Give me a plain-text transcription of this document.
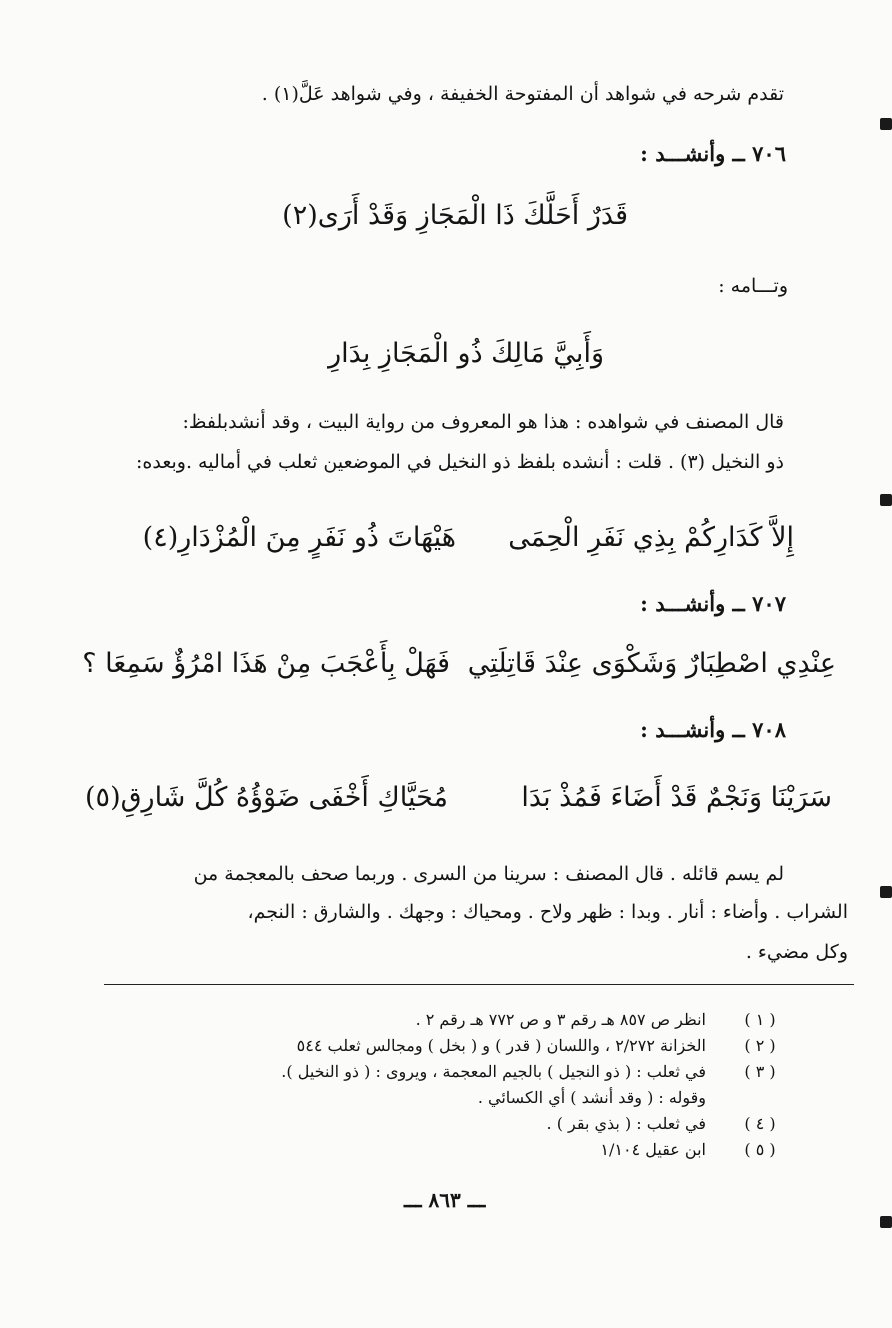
تقدم شرحه في شواهد أن المفتوحة الخفيفة ، وفي شواهد عَلَّ(١) .
٧٠٦ ــ وأنشـــد :
قَدَرٌ أَحَلَّكَ ذَا الْمَجَازِ وَقَدْ أَرَى(٢)
وتـــامه :
وَأَبِيَّ مَالِكَ ذُو الْمَجَازِ بِدَارِ
قال المصنف في شواهده : هذا هو المعروف من رواية البيت ، وقد أنشدبلفظ:
ذو النخيل (٣) . قلت : أنشده بلفظ ذو النخيل في الموضعين ثعلب في أماليه .وبعده:
إِلاَّ كَدَارِكُمْ بِذِي نَفَرِ الْحِمَى
هَيْهَاتَ ذُو نَفَرٍ مِنَ الْمُزْدَارِ(٤)
٧٠٧ ــ وأنشـــد :
عِنْدِي اصْطِبَارٌ وَشَكْوَى عِنْدَ قَاتِلَتِي
فَهَلْ بِأَعْجَبَ مِنْ هَذَا امْرُؤٌ سَمِعَا ؟
٧٠٨ ــ وأنشـــد :
سَرَيْنَا وَنَجْمٌ قَدْ أَضَاءَ فَمُذْ بَدَا
مُحَيَّاكِ أَخْفَى ضَوْؤُهُ كُلَّ شَارِقِ(٥)
لم يسم قائله . قال المصنف : سرينا من السرى . وربما صحف بالمعجمة من
الشراب . وأضاء : أنار . وبدا : ظهر ولاح . ومحياك : وجهك . والشارق : النجم،
وكل مضيء .
( ١ )
انظر ص ٨٥٧ هـ رقم ٣ و ص ٧٧٢ هـ رقم ٢ .
( ٢ )
الخزانة ٢/٢٧٢ ، واللسان ( قدر ) و ( بخل ) ومجالس ثعلب ٥٤٤
( ٣ )
في ثعلب : ( ذو النجيل ) بالجيم المعجمة ، ويروى : ( ذو النخيل ).
وقوله : ( وقد أنشد ) أي الكسائي .
( ٤ )
في ثعلب : ( بذي بقر ) .
( ٥ )
ابن عقيل ١/١٠٤
ـــ ٨٦٣ ـــ
